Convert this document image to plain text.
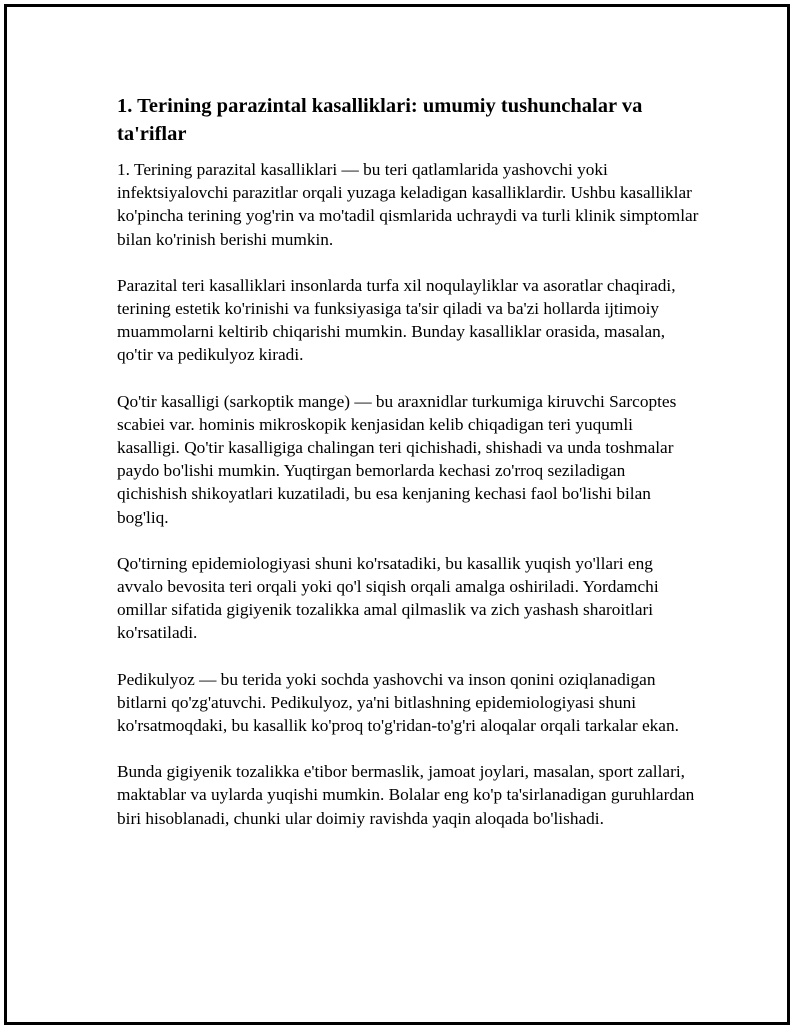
1. Terining parazintal kasalliklari: umumiy tushunchalar va ta'riflar

1. Terining parazital kasalliklari — bu teri qatlamlarida yashovchi yoki infektsiyalovchi parazitlar orqali yuzaga keladigan kasalliklardir. Ushbu kasalliklar ko'pincha terining yog'rin va mo'tadil qismlarida uchraydi va turli klinik simptomlar bilan ko'rinish berishi mumkin.

Parazital teri kasalliklari insonlarda turfa xil noqulayliklar va asoratlar chaqiradi, terining estetik ko'rinishi va funksiyasiga ta'sir qiladi va ba'zi hollarda ijtimoiy muammolarni keltirib chiqarishi mumkin. Bunday kasalliklar orasida, masalan, qo'tir va pedikulyoz kiradi.

Qo'tir kasalligi (sarkoptik mange) — bu araxnidlar turkumiga kiruvchi Sarcoptes scabiei var. hominis mikroskopik kenjasidan kelib chiqadigan teri yuqumli kasalligi. Qo'tir kasalligiga chalingan teri qichishadi, shishadi va unda toshmalar paydo bo'lishi mumkin. Yuqtirgan bemorlarda kechasi zo'rroq seziladigan qichishish shikoyatlari kuzatiladi, bu esa kenjaning kechasi faol bo'lishi bilan bog'liq.

Qo'tirning epidemiologiyasi shuni ko'rsatadiki, bu kasallik yuqish yo'llari eng avvalo bevosita teri orqali yoki qo'l siqish orqali amalga oshiriladi. Yordamchi omillar sifatida gigiyenik tozalikka amal qilmaslik va zich yashash sharoitlari ko'rsatiladi.

Pedikulyoz — bu terida yoki sochda yashovchi va inson qonini oziqlanadigan bitlarni qo'zg'atuvchi. Pedikulyoz, ya'ni bitlashning epidemiologiyasi shuni ko'rsatmoqdaki, bu kasallik ko'proq to'g'ridan-to'g'ri aloqalar orqali tarkalar ekan.

Bunda gigiyenik tozalikka e'tibor bermaslik, jamoat joylari, masalan, sport zallari, maktablar va uylarda yuqishi mumkin. Bolalar eng ko'p ta'sirlanadigan guruhlardan biri hisoblanadi, chunki ular doimiy ravishda yaqin aloqada bo'lishadi.
